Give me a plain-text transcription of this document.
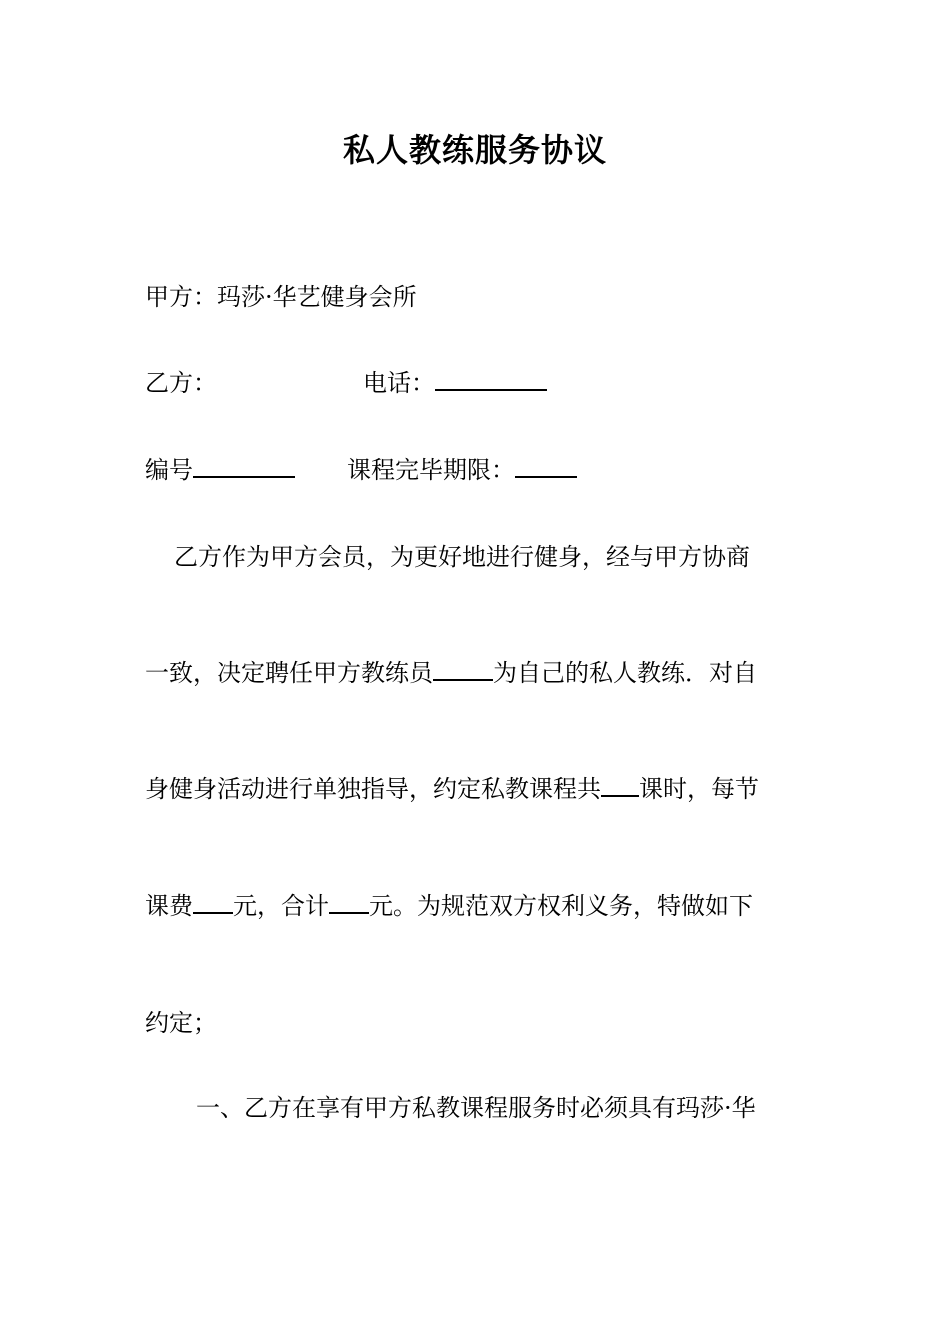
私人教练服务协议
甲方：玛莎·华艺健身会所
乙方：	电话：
编号	课程完毕期限：
乙方作为甲方会员，为更好地进行健身，经与甲方协商
一致，决定聘任甲方教练员	为自己的私人教练．对自
身健身活动进行单独指导，约定私教课程共 课时，每节
课费 元，合计 元。为规范双方权利义务，特做如下
约定；
一、乙方在享有甲方私教课程服务时必须具有玛莎·华
